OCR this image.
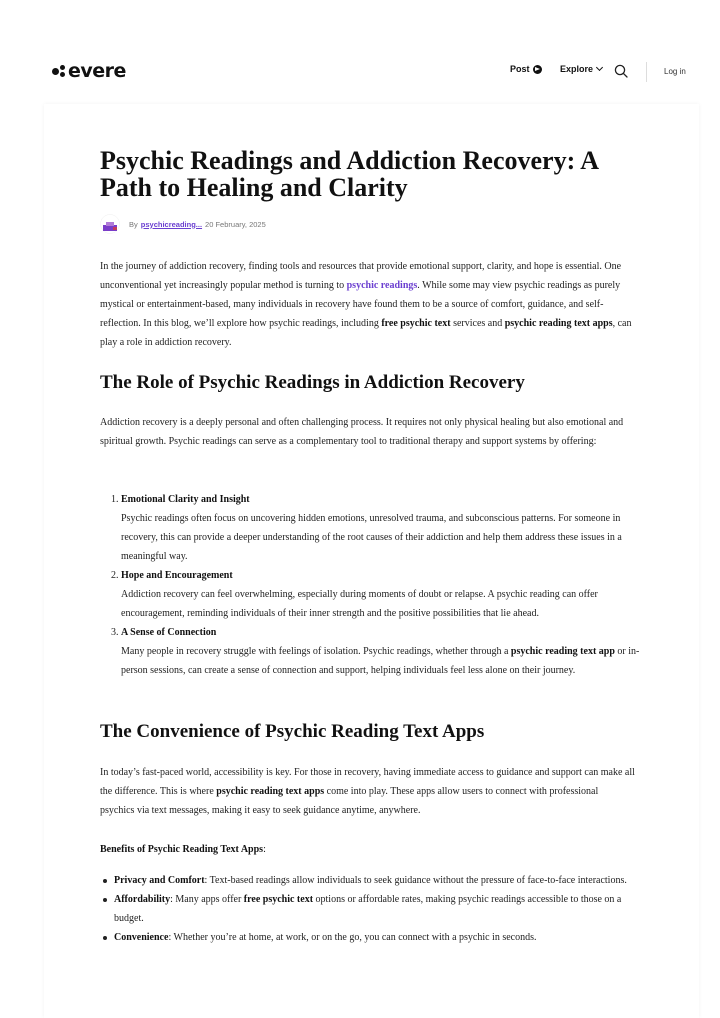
evere	Post	Explore	Log in
Psychic Readings and Addiction Recovery: A Path to Healing and Clarity
By psychicreading... 20 February, 2025

In the journey of addiction recovery, finding tools and resources that provide emotional support, clarity, and hope is essential. One unconventional yet increasingly popular method is turning to psychic readings. While some may view psychic readings as purely mystical or entertainment-based, many individuals in recovery have found them to be a source of comfort, guidance, and self-reflection. In this blog, we’ll explore how psychic readings, including free psychic text services and psychic reading text apps, can play a role in addiction recovery.

The Role of Psychic Readings in Addiction Recovery

Addiction recovery is a deeply personal and often challenging process. It requires not only physical healing but also emotional and spiritual growth. Psychic readings can serve as a complementary tool to traditional therapy and support systems by offering:

1. Emotional Clarity and Insight
Psychic readings often focus on uncovering hidden emotions, unresolved trauma, and subconscious patterns. For someone in recovery, this can provide a deeper understanding of the root causes of their addiction and help them address these issues in a meaningful way.
2. Hope and Encouragement
Addiction recovery can feel overwhelming, especially during moments of doubt or relapse. A psychic reading can offer encouragement, reminding individuals of their inner strength and the positive possibilities that lie ahead.
3. A Sense of Connection
Many people in recovery struggle with feelings of isolation. Psychic readings, whether through a psychic reading text app or in-person sessions, can create a sense of connection and support, helping individuals feel less alone on their journey.
The Convenience of Psychic Reading Text Apps

In today’s fast-paced world, accessibility is key. For those in recovery, having immediate access to guidance and support can make all the difference. This is where psychic reading text apps come into play. These apps allow users to connect with professional psychics via text messages, making it easy to seek guidance anytime, anywhere.

Benefits of Psychic Reading Text Apps:

Privacy and Comfort: Text-based readings allow individuals to seek guidance without the pressure of face-to-face interactions.
Affordability: Many apps offer free psychic text options or affordable rates, making psychic readings accessible to those on a budget.
Convenience: Whether you’re at home, at work, or on the go, you can connect with a psychic in seconds.
